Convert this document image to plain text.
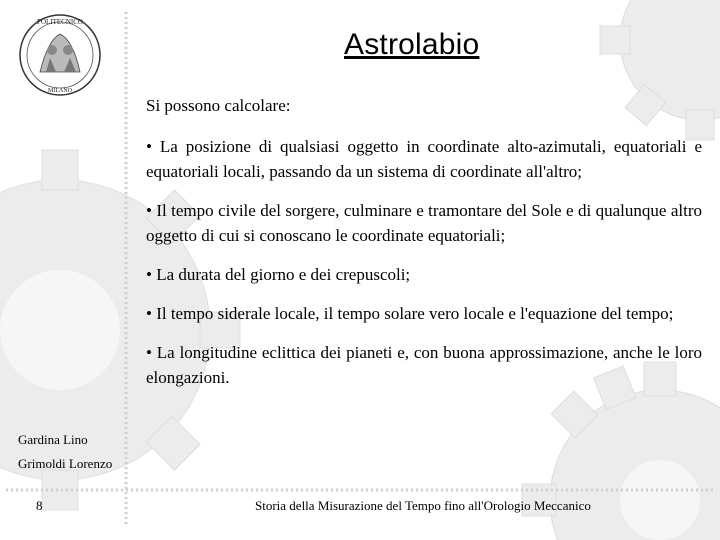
POLITECNICO
MILANO
Astrolabio
Si possono calcolare:

• La posizione di qualsiasi oggetto in coordinate alto-azimutali, equatoriali e equatoriali locali, passando da un sistema di coordinate all'altro;

• Il tempo civile del sorgere, culminare e tramontare del Sole e di qualunque altro oggetto di cui si conoscano le coordinate equatoriali;

• La durata del giorno e dei crepuscoli;

• Il tempo siderale locale, il tempo solare vero locale e l'equazione del tempo;

• La longitudine eclittica dei pianeti e, con buona approssimazione, anche le loro elongazioni.

Gardina Lino
Grimoldi Lorenzo
8	Storia della Misurazione del Tempo fino all'Orologio Meccanico
